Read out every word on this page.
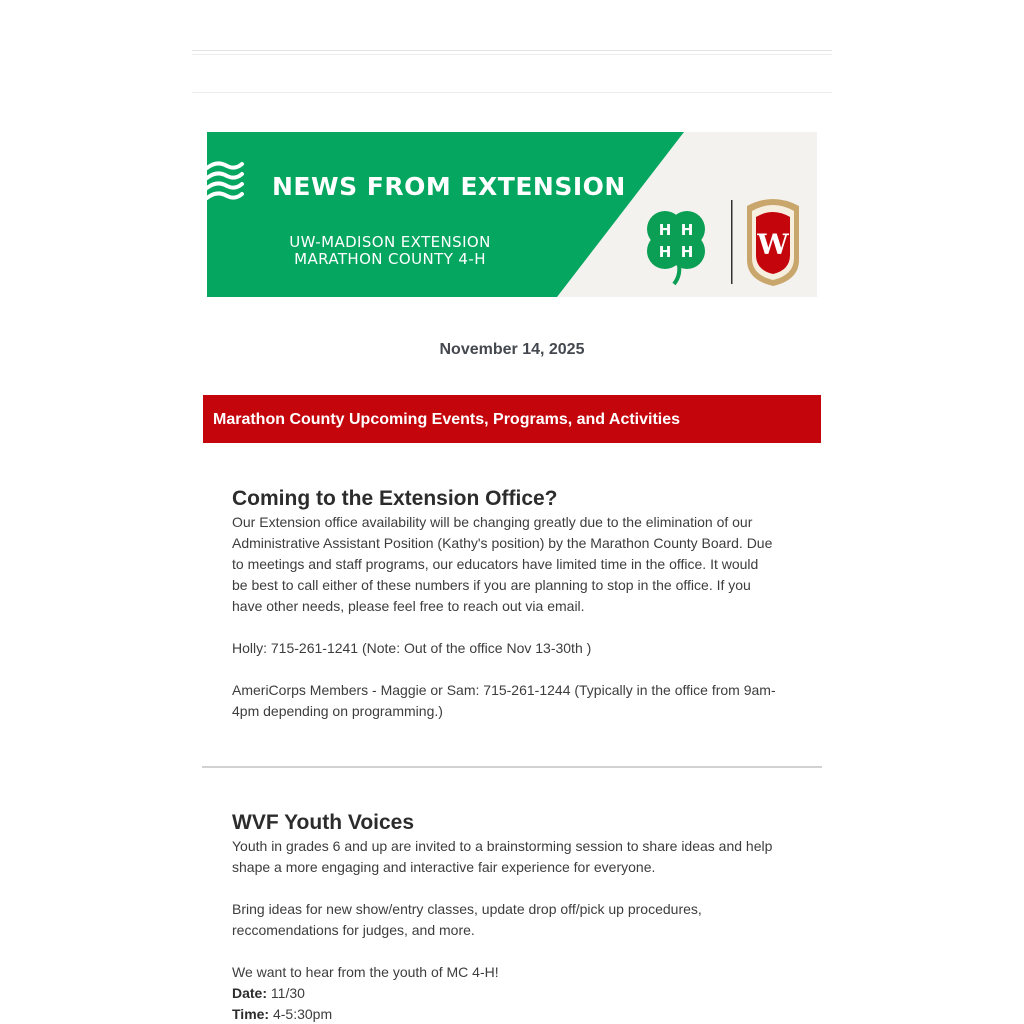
H H
H H W
NEWS FROM EXTENSION
UW-MADISON EXTENSION
MARATHON COUNTY 4-H
November 14, 2025
Marathon County Upcoming Events, Programs, and Activities
Coming to the Extension Office?

Our Extension office availability will be changing greatly due to the elimination of our

Administrative Assistant Position (Kathy's position) by the Marathon County Board. Due

to meetings and staff programs, our educators have limited time in the office. It would

be best to call either of these numbers if you are planning to stop in the office. If you

have other needs, please feel free to reach out via email.

Holly: 715-261-1241 (Note: Out of the office Nov 13-30th )

AmeriCorps Members - Maggie or Sam: 715-261-1244 (Typically in the office from 9am-

4pm depending on programming.)

WVF Youth Voices

Youth in grades 6 and up are invited to a brainstorming session to share ideas and help

shape a more engaging and interactive fair experience for everyone.

Bring ideas for new show/entry classes, update drop off/pick up procedures,

reccomendations for judges, and more.

We want to hear from the youth of MC 4-H!

Date: 11/30

Time: 4-5:30pm
